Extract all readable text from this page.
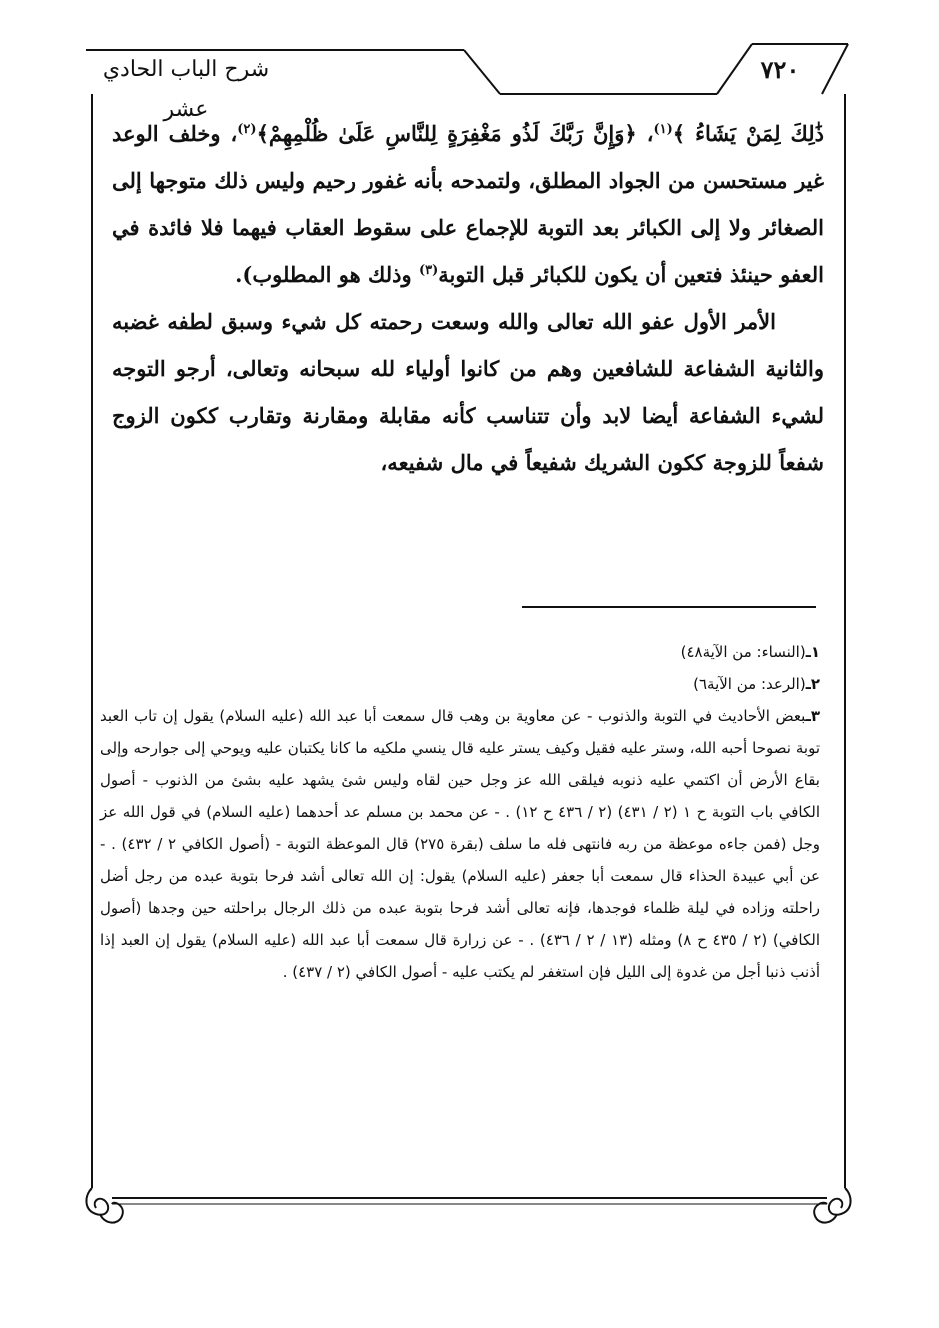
شرح الباب الحادي عشر
٧٢٠

ذَٰلِكَ لِمَنْ يَشَاءُ ﴾$^{(١)}$، ﴿وَإِنَّ رَبَّكَ لَذُو مَغْفِرَةٍ لِلنَّاسِ عَلَىٰ ظُلْمِهِمْ﴾$^{(٢)}$، وخلف الوعد غير مستحسن من الجواد المطلق، ولتمدحه بأنه غفور رحيم وليس ذلك متوجها إلى الصغائر ولا إلى الكبائر بعد التوبة للإجماع على سقوط العقاب فيهما فلا فائدة في العفو حينئذ فتعين أن يكون للكبائر قبل التوبة$^{(٣)}$ وذلك هو المطلوب).

الأمر الأول عفو الله تعالى والله وسعت رحمته كل شيء وسبق لطفه غضبه والثانية الشفاعة للشافعين وهم من كانوا أولياء لله سبحانه وتعالى، أرجو التوجه لشيء الشفاعة أيضا لابد وأن تتناسب كأنه مقابلة ومقارنة وتقارب ككون الزوج شفعاً للزوجة ككون الشريك شفيعاً في مال شفيعه،

١ـ(النساء: من الآية٤٨)

٢ـ(الرعد: من الآية٦)

٣ـبعض الأحاديث في التوبة والذنوب - عن معاوية بن وهب قال سمعت أبا عبد الله (عليه السلام) يقول إن تاب العبد توبة نصوحا أحبه الله، وستر عليه فقيل وكيف يستر عليه قال ينسي ملكيه ما كانا يكتبان عليه ويوحي إلى جوارحه وإلى بقاع الأرض أن اكتمي عليه ذنوبه فيلقى الله عز وجل حين لقاه وليس شئ يشهد عليه بشئ من الذنوب - أصول الكافي باب التوبة ح ١ (٢ / ٤٣١) (٢ / ٤٣٦ ح ١٢) . - عن محمد بن مسلم عد أحدهما (عليه السلام) في قول الله عز وجل (فمن جاءه موعظة من ربه فانتهى فله ما سلف (بقرة ٢٧٥) قال الموعظة التوبة - (أصول الكافي ٢ / ٤٣٢) . - عن أبي عبيدة الحذاء قال سمعت أبا جعفر (عليه السلام) يقول: إن الله تعالى أشد فرحا بتوبة عبده من رجل أضل راحلته وزاده في ليلة ظلماء فوجدها، فإنه تعالى أشد فرحا بتوبة عبده من ذلك الرجال براحلته حين وجدها (أصول الكافي) (٢ / ٤٣٥ ح ٨) ومثله (١٣ / ٢ / ٤٣٦) . - عن زرارة قال سمعت أبا عبد الله (عليه السلام) يقول إن العبد إذا أذنب ذنبا أجل من غدوة إلى الليل فإن استغفر لم يكتب عليه - أصول الكافي (٢ / ٤٣٧) .
